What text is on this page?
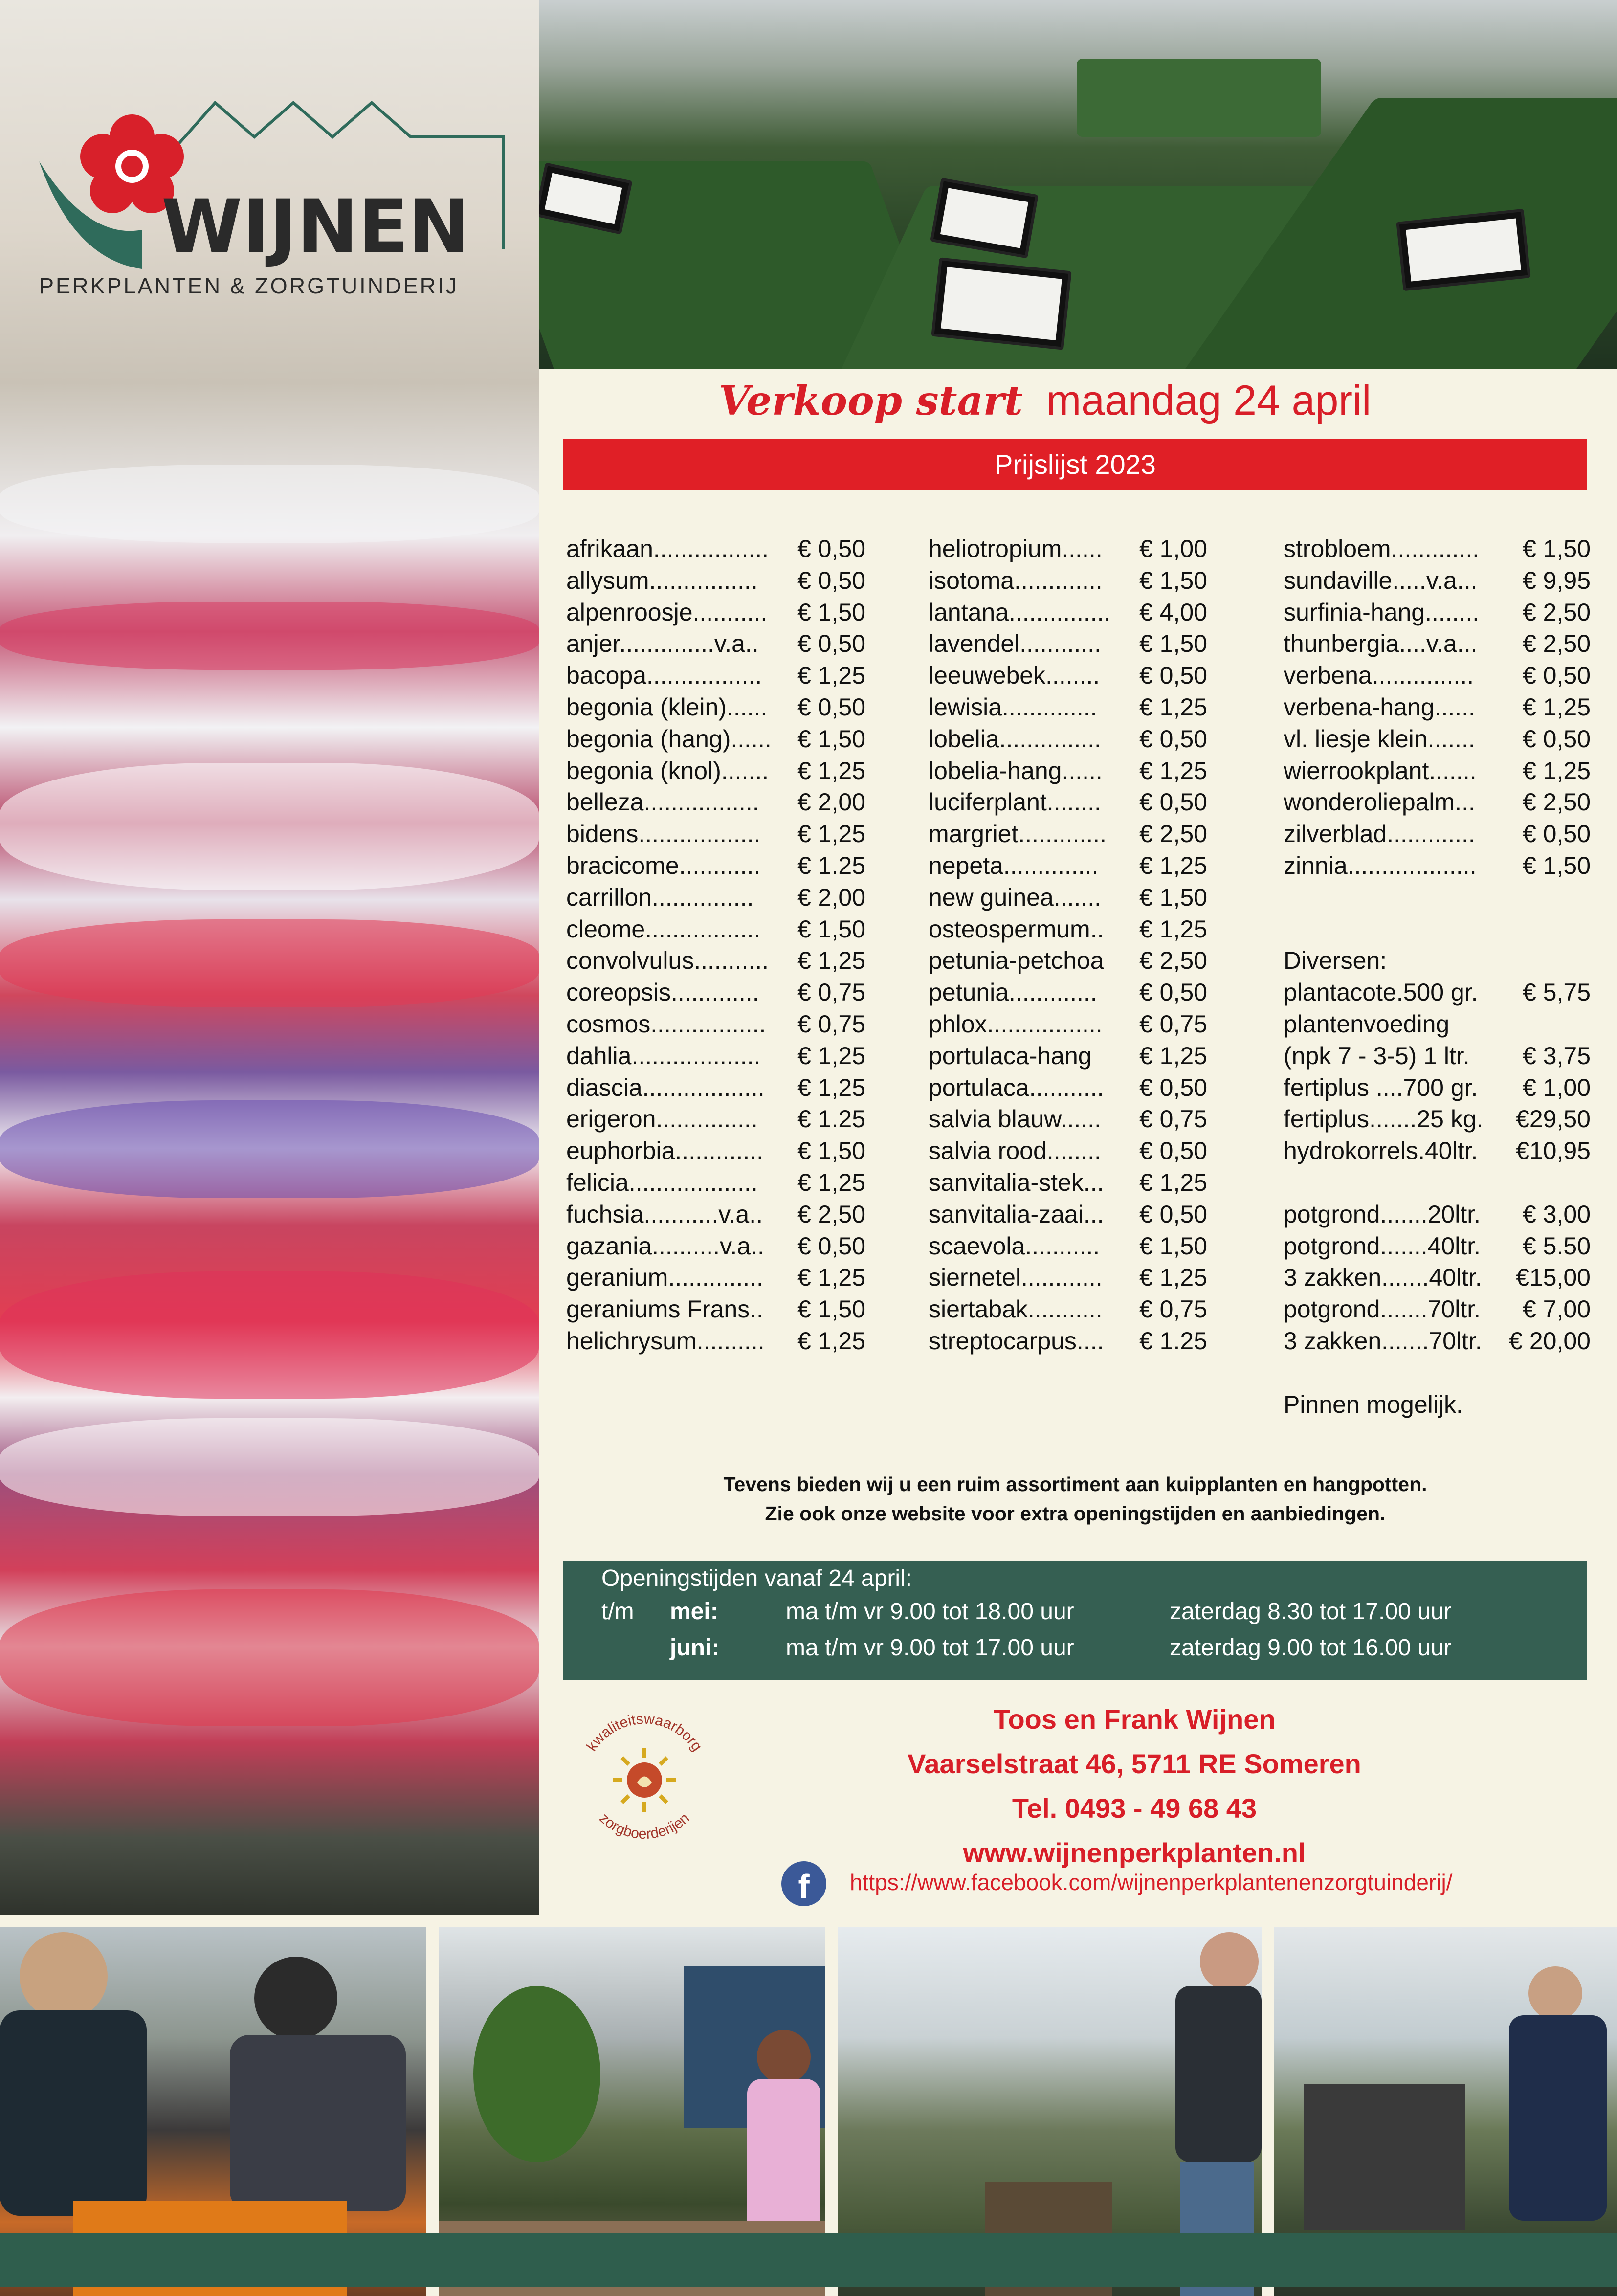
WIJNEN
PERKPLANTEN & ZORGTUINDERIJ
Verkoop start maandag 24 april
Prijslijst 2023
afrikaan................. € 0,50
allysum................ € 0,50
alpenroosje........... € 1,50
anjer..............v.a.. € 0,50
bacopa................. € 1,25
begonia (klein)...... € 0,50
begonia (hang)...... € 1,50
begonia (knol)....... € 1,25
belleza................. € 2,00
bidens.................. € 1,25
bracicome............ € 1.25
carrillon............... € 2,00
cleome................. € 1,50
convolvulus........... € 1,25
coreopsis............. € 0,75
cosmos................. € 0,75
dahlia................... € 1,25
diascia.................. € 1,25
erigeron............... € 1.25
euphorbia............. € 1,50
felicia................... € 1,25
fuchsia...........v.a.. € 2,50
gazania..........v.a.. € 0,50
geranium.............. € 1,25
geraniums Frans.. € 1,50
helichrysum.......... € 1,25
heliotropium...... € 1,00
isotoma............. € 1,50
lantana............... € 4,00
lavendel............ € 1,50
leeuwebek........ € 0,50
lewisia.............. € 1,25
lobelia............... € 0,50
lobelia-hang...... € 1,25
luciferplant........ € 0,50
margriet............. € 2,50
nepeta.............. € 1,25
new guinea....... € 1,50
osteospermum.. € 1,25
petunia-petchoa € 2,50
petunia............. € 0,50
phlox................. € 0,75
portulaca-hang € 1,25
portulaca........... € 0,50
salvia blauw...... € 0,75
salvia rood........ € 0,50
sanvitalia-stek... € 1,25
sanvitalia-zaai... € 0,50
scaevola........... € 1,50
siernetel............ € 1,25
siertabak........... € 0,75
streptocarpus.... € 1.25
strobloem............. € 1,50
sundaville.....v.a... € 9,95
surfinia-hang........ € 2,50
thunbergia....v.a... € 2,50
verbena............... € 0,50
verbena-hang...... € 1,25
vl. liesje klein....... € 0,50
wierrookplant....... € 1,25
wonderoliepalm... € 2,50
zilverblad............. € 0,50
zinnia................... € 1,50
Diversen:
plantacote.500 gr. € 5,75
plantenvoeding
(npk 7 - 3-5) 1 ltr. € 3,75
fertiplus ....700 gr. € 1,00
fertiplus.......25 kg. €29,50
hydrokorrels.40ltr. €10,95
potgrond.......20ltr. € 3,00
potgrond.......40ltr. € 5.50
3 zakken.......40ltr. €15,00
potgrond.......70ltr. € 7,00
3 zakken.......70ltr. € 20,00
Pinnen mogelijk.
Tevens bieden wij u een ruim assortiment aan kuipplanten en hangpotten.
Zie ook onze website voor extra openingstijden en aanbiedingen.
Openingstijden vanaf 24 april:
t/m mei:	ma t/m vr 9.00 tot 18.00 uur	zaterdag 8.30 tot 17.00 uur
juni:	ma t/m vr 9.00 tot 17.00 uur	zaterdag 9.00 tot 16.00 uur
kwaliteitswaarborg
zorgboerderijen
Toos en Frank Wijnen
Vaarselstraat 46, 5711 RE Someren
Tel. 0493 - 49 68 43
www.wijnenperkplanten.nl
f	https://www.facebook.com/wijnenperkplantenenzorgtuinderij/
